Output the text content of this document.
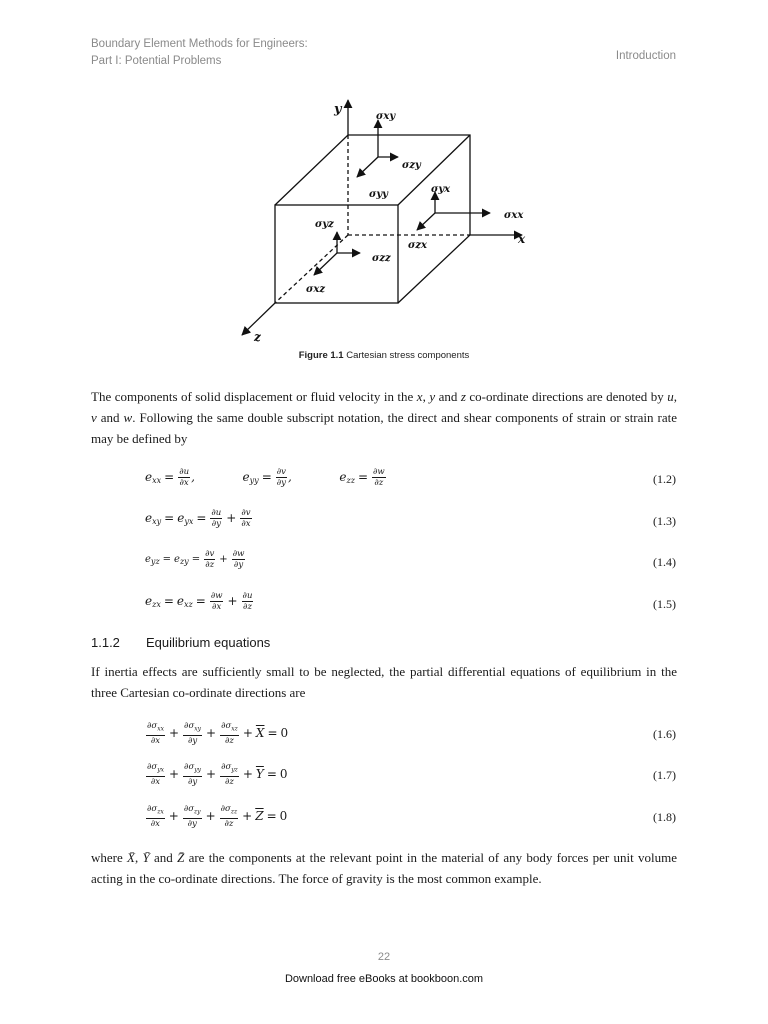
Boundary Element Methods for Engineers:
Part I: Potential Problems	Introduction
y
x
z
σxy
σzy
σyy	σyx
σxx
σzx
σyz
σzz
σxz
Figure 1.1 Cartesian stress components
The components of solid displacement or fluid velocity in the x, y and z co-ordinate directions are denoted by u, v and w. Following the same double subscript notation, the direct and shear components of strain or strain rate may be defined by
$e_{xx} = \frac{\partial u}{\partial x}$ ,	$e_{yy} = \frac{\partial v}{\partial y}$ ,	$e_{zz} = \frac{\partial w}{\partial z}$	(1.2)
$e_{xy} = e_{yx} = \frac{\partial u}{\partial y} + \frac{\partial v}{\partial x}$	(1.3)
$e_{yz} = e_{zy} = \frac{\partial v}{\partial z} + \frac{\partial w}{\partial y}$	(1.4)
$e_{zx} = e_{xz} = \frac{\partial w}{\partial x} + \frac{\partial u}{\partial z}$	(1.5)
1.1.2 Equilibrium equations
If inertia effects are sufficiently small to be neglected, the partial differential equations of equilibrium in the three Cartesian co-ordinate directions are
$\frac{\partial\sigma_{xx}}{\partial x} + \frac{\partial\sigma_{xy}}{\partial y} + \frac{\partial\sigma_{xz}}{\partial z} + \overline{X} = 0$	(1.6)
$\frac{\partial\sigma_{yx}}{\partial x} + \frac{\partial\sigma_{yy}}{\partial y} + \frac{\partial\sigma_{yz}}{\partial z} + \overline{Y} = 0$	(1.7)
$\frac{\partial\sigma_{zx}}{\partial x} + \frac{\partial\sigma_{zy}}{\partial y} + \frac{\partial\sigma_{zz}}{\partial z} + \overline{Z} = 0$	(1.8)
where X̄, Ȳ and Z̄ are the components at the relevant point in the material of any body forces per unit volume acting in the co-ordinate directions. The force of gravity is the most common example.
22
Download free eBooks at bookboon.com
